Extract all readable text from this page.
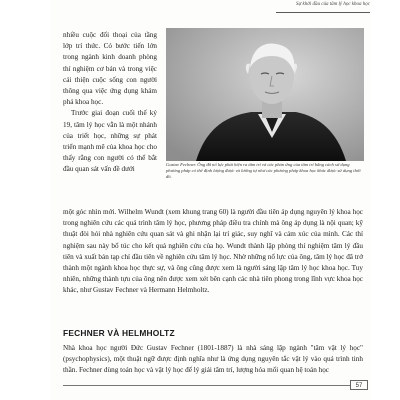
Sự khởi đầu của tâm lý học khoa học

nhiều cuộc đối thoại của tầng lớp trí thức. Có bước tiến lớn trong ngành kinh doanh phòng thí nghiệm cơ bản và trong việc cải thiện cuộc sống con người thông qua việc ứng dụng khám phá khoa học.

Trước giai đoạn cuối thế kỷ 19, tâm lý học vẫn là một nhánh của triết học, những sự phát triển mạnh mẽ của khoa học cho thấy rằng con người có thể bắt đầu quan sát vấn đề dưới

Gustav Fechner. Ông đã nổ lực phát hiện ra tâm trí và các phản ứng của tâm trí bằng cách sử dụng phương pháp có thể định lượng được và lường tự như các phương pháp khoa học khác được sử dụng thời đó.
một góc nhìn mới. Wilhelm Wundt (xem khung trang 60) là người đầu tiên áp dụng nguyên lý khoa học trong nghiên cứu các quá trình tâm lý học, phương pháp điều tra chính mà ông áp dụng là nội quan; kỹ thuật đòi hỏi nhà nghiên cứu quan sát và ghi nhận lại trí giác, suy nghĩ và cảm xúc của mình. Các thí nghiệm sau này bổ túc cho kết quả nghiên cứu của họ. Wundt thành lập phòng thí nghiệm tâm lý đầu tiên và xuất bản tạp chí đầu tiên về nghiên cứu tâm lý học. Nhờ những nổ lực của ông, tâm lý học đã trở thành một ngành khoa học thực sự, và ông cũng được xem là người sáng lập tâm lý học khoa học. Tuy nhiên, những thành tựu của ông nên được xem xét bên cạnh các nhà tiên phong trong lĩnh vực khoa học khác, như Gustav Fechner và Hermann Helmholtz.
FECHNER VÀ HELMHOLTZ
Nhà khoa học người Đức Gustav Fechner (1801-1887) là nhà sáng lập ngành "tâm vật lý học" (psychophysics), một thuật ngữ được định nghĩa như là ứng dụng nguyên tắc vật lý vào quá trình tinh thần. Fechner dùng toán học và vật lý học để lý giải tâm trí, lượng hóa mối quan hệ toán học
57
